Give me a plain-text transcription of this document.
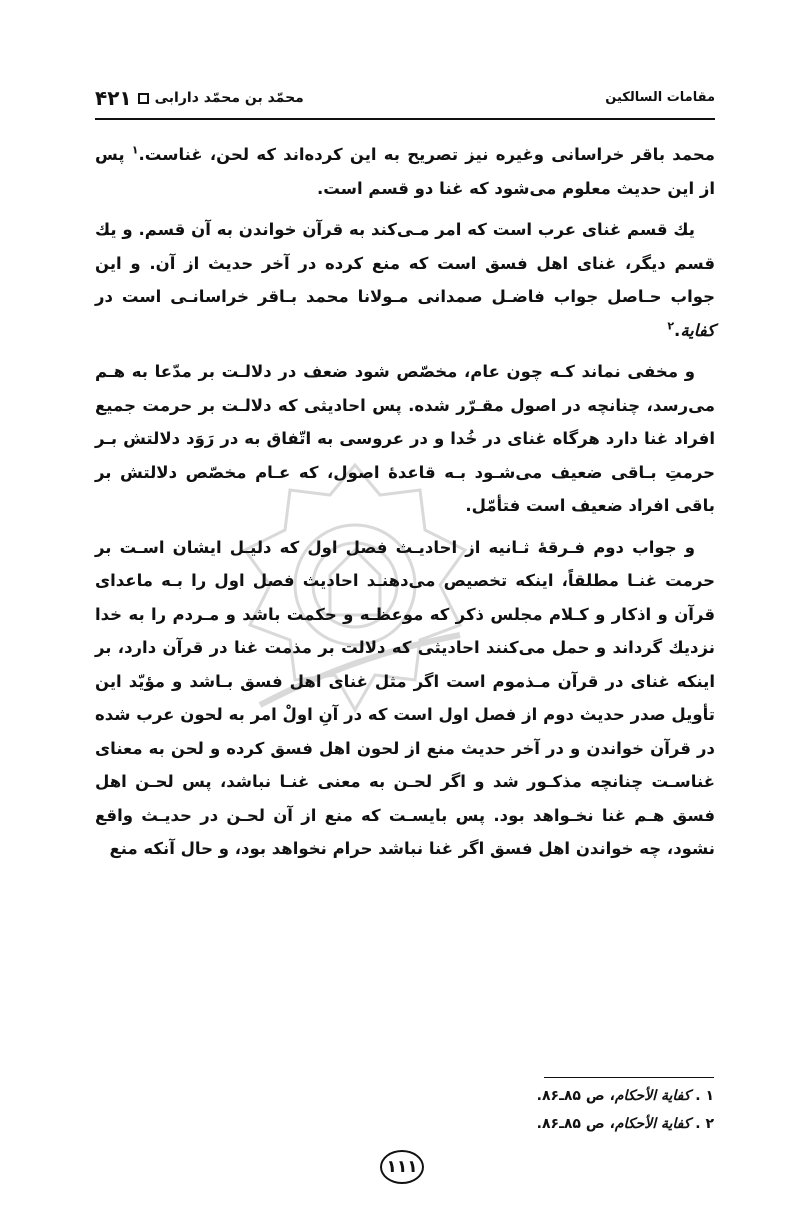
مقامات السالکین
محمّد بن محمّد دارابی
۴۲۱

محمد باقر خراسانی وغیره نیز تصریح به این کرده‌اند که لحن، غناست.$^۱$ پس از این حدیث معلوم می‌شود که غنا دو قسم است.

یك قسم غنای عرب است که امر مـی‌کند به قرآن خواندن به آن قسم. و یك قسم دیگر، غنای اهل فسق است که منع کرده در آخر حدیث از آن. و این جواب حـاصل جواب فاضـل صمدانی مـولانا محمد بـاقر خراسانـی است در کفایة.$^۲$

و مخفی نماند کـه چون عام، مخصّص شود ضعف در دلالـت بر مدّعا به هـم می‌رسد، چنانچه در اصول مقـرّر شده. پس احادیثی که دلالـت بر حرمت جمیع افراد غنا دارد هرگاه غنای در خُدا و در عروسی به اتّفاق به در رَوَد دلالتش بـر حرمتِ بـاقی ضعیف می‌شـود بـه قاعدهٔ اصول، که عـام مخصّص دلالتش بر باقی افراد ضعیف است فتأمّل.

و جواب دوم فـرقهٔ ثـانیه از احادیـث فصل اول که دلیـل ایشان اسـت بر حرمت غنـا مطلقاً، اینکه تخصیص می‌دهنـد احادیث فصل اول را بـه ماعدای قرآن و اذکار و کـلام مجلس ذکر که موعظـه و حکمت باشد و مـردم را به خدا نزدیك گرداند و حمل می‌کنند احادیثی که دلالت بر مذمت غنا در قرآن دارد، بر اینکه غنای در قرآن مـذموم است اگر مثل غنای اهل فسق بـاشد و مؤیّد این تأویل صدر حدیث دوم از فصل اول است که در آنِ اولْ امر به لحون عرب شده در قرآن خواندن و در آخر حدیث منع از لحون اهل فسق کرده و لحن به معنای غناسـت چنانچه مذکـور شد و اگر لحـن به معنی غنـا نباشد، پس لحـن اهل فسق هـم غنا نخـواهد بود. پس بایسـت که منع از آن لحـن در حدیـث واقع نشود، چه خواندن اهل فسق اگر غنا نباشد حرام نخواهد بود، و حال آنکه منع

۱ . کفایة الأحکام، ص ۸۵ـ۸۶.
۲ . کفایة الأحکام، ص ۸۵ـ۸۶.
۱۱۱
